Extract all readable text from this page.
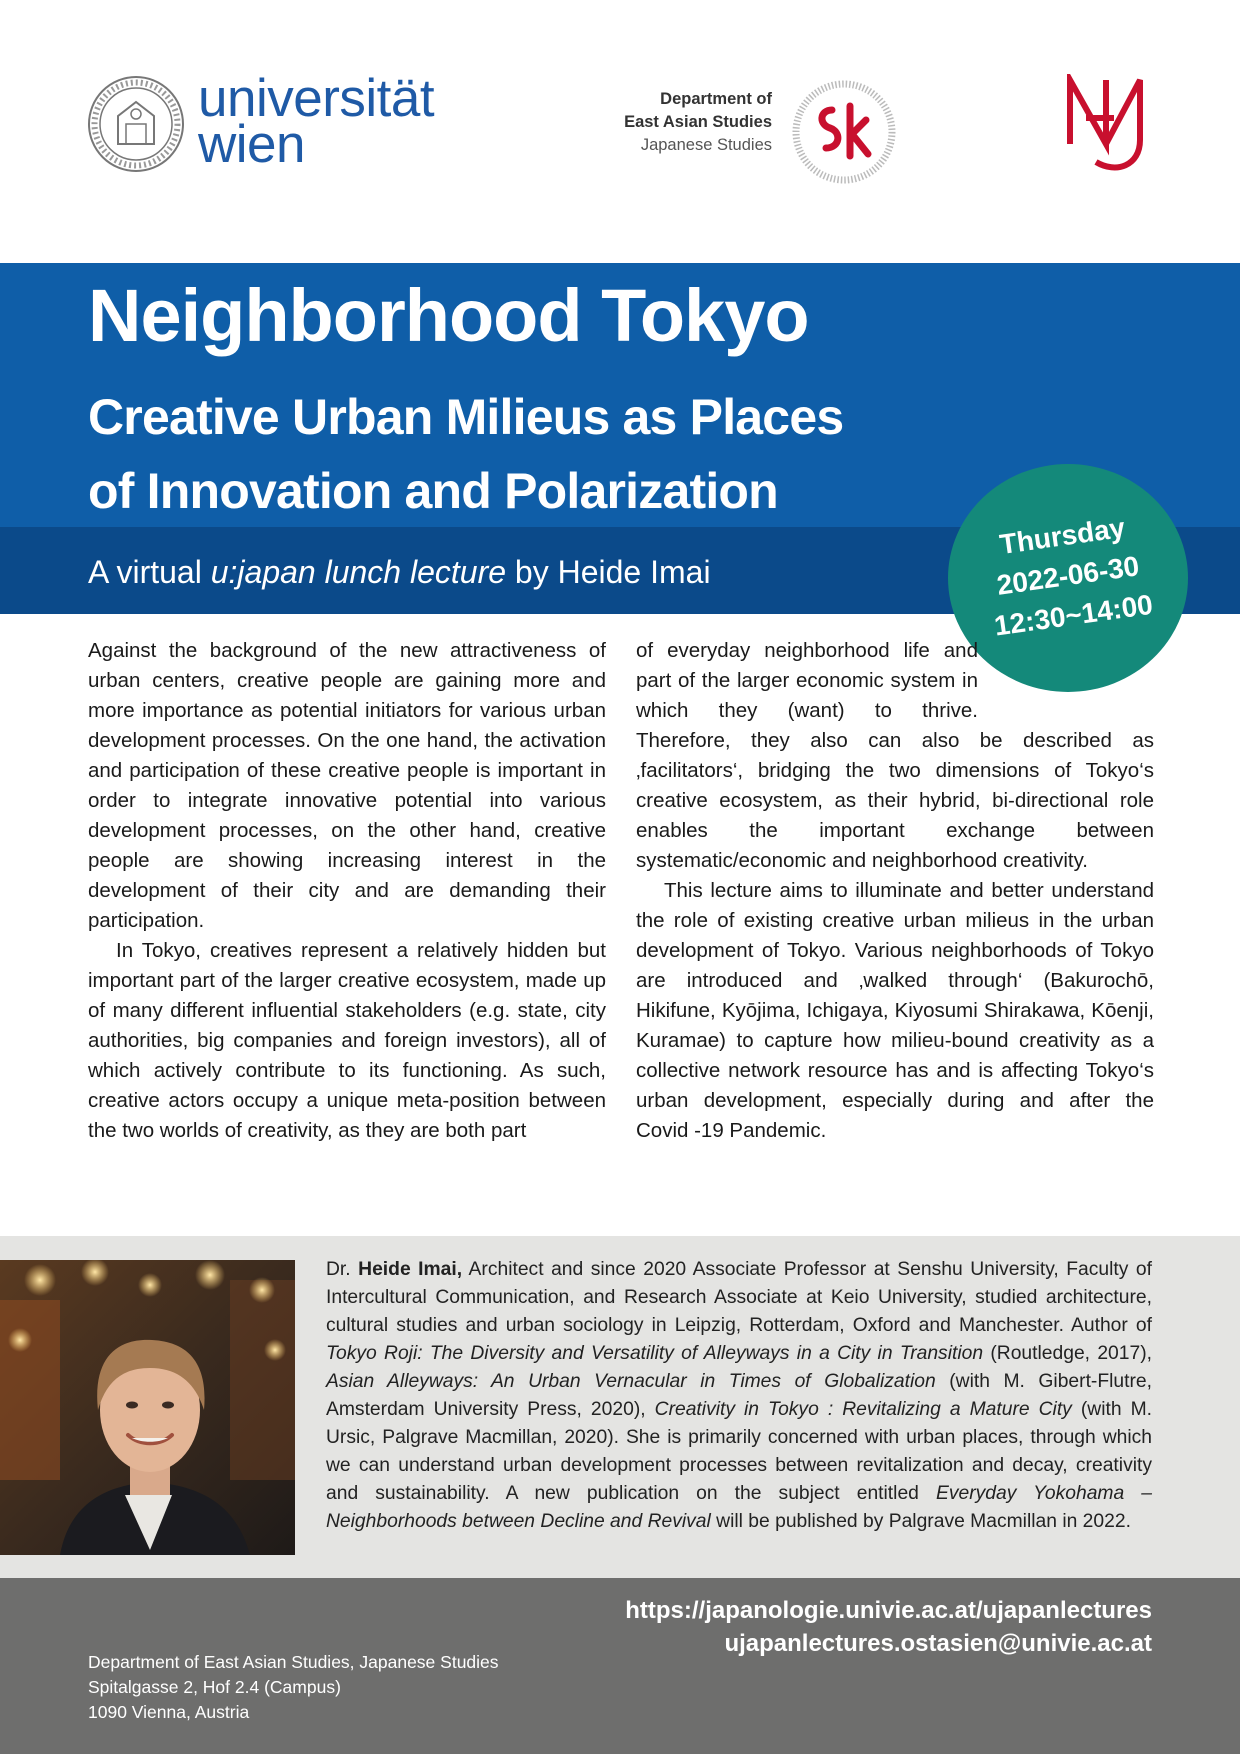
universität
wien
Department of
East Asian Studies
Japanese Studies
Neighborhood Tokyo
Creative Urban Milieus as Places
of Innovation and Polarization
A virtual u:japan lunch lecture by Heide Imai
Thursday
2022-06-30
12:30~14:00

Against the background of the new attractiveness of urban centers, creative people are gaining more and more importance as potential initiators for various urban development processes. On the one hand, the activation and participation of these creative people is important in order to integrate innovative potential into various development processes, on the other hand, creative people are showing increasing interest in the development of their city and are demanding their participation.

In Tokyo, creatives represent a relatively hidden but important part of the larger creative ecosystem, made up of many different influential stakeholders (e.g. state, city authorities, big companies and foreign investors), all of which actively contribute to its functioning. As such, creative actors occupy a unique meta-position between the two worlds of creativity, as they are both part

of everyday neighborhood life and part of the larger economic system in which they (want) to thrive. Therefore, they also can also be described as ‚facilitators‘, bridging the two dimensions of Tokyo‘s creative ecosystem, as their hybrid, bi-directional role enables the important exchange between systematic/economic and neighborhood creativity.

This lecture aims to illuminate and better understand the role of existing creative urban milieus in the urban development of Tokyo. Various neighborhoods of Tokyo are introduced and ‚walked through‘ (Bakurochō, Hikifune, Kyōjima, Ichigaya, Kiyosumi Shirakawa, Kōenji, Kuramae) to capture how milieu-bound creativity as a collective network resource has and is affecting Tokyo‘s urban development, especially during and after the Covid -19 Pandemic.

Dr. Heide Imai, Architect and since 2020 Associate Professor at Senshu University, Faculty of Intercultural Communication, and Research Associate at Keio University, studied architecture, cultural studies and urban sociology in Leipzig, Rotterdam, Oxford and Manchester. Author of Tokyo Roji: The Diversity and Versatility of Alleyways in a City in Transition (Routledge, 2017), Asian Alleyways: An Urban Vernacular in Times of Globalization (with M. Gibert-Flutre, Amsterdam University Press, 2020), Creativity in Tokyo : Revitalizing a Mature City (with M. Ursic, Palgrave Macmillan, 2020). She is primarily concerned with urban places, through which we can understand urban development processes between revitalization and decay, creativity and sustainability. A new publication on the subject entitled Everyday Yokohama – Neighborhoods between Decline and Revival will be published by Palgrave Macmillan in 2022.

https://japanologie.univie.ac.at/ujapanlectures
ujapanlectures.ostasien@univie.ac.at
Department of East Asian Studies, Japanese Studies
Spitalgasse 2, Hof 2.4 (Campus)
1090 Vienna, Austria
